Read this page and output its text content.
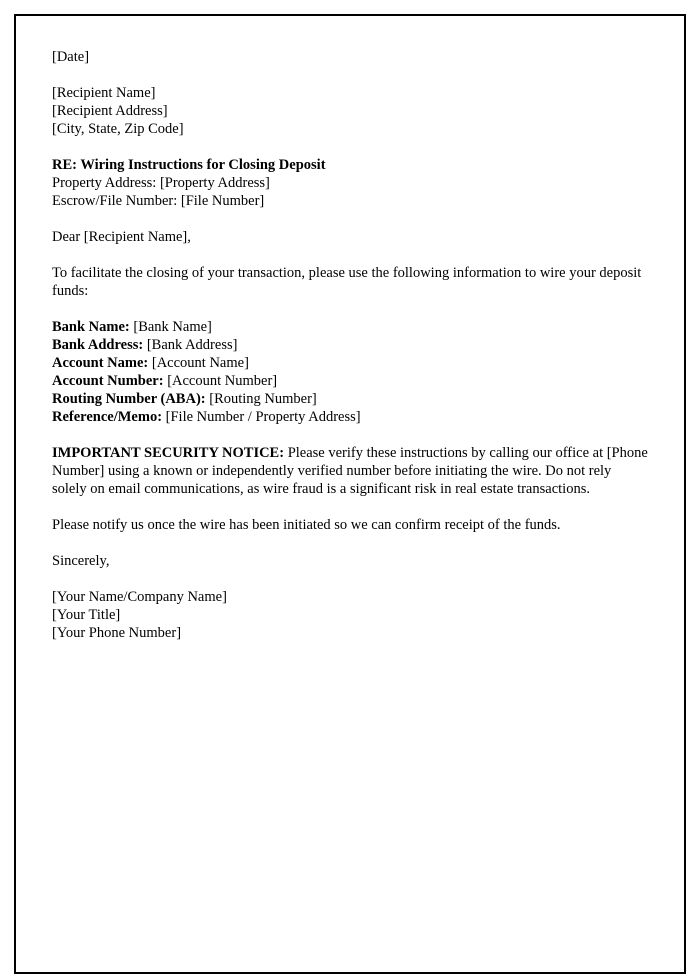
[Date]
[Recipient Name]
[Recipient Address]
[City, State, Zip Code]
RE: Wiring Instructions for Closing Deposit
Property Address: [Property Address]
Escrow/File Number: [File Number]

Dear [Recipient Name],

To facilitate the closing of your transaction, please use the following information to wire your deposit funds:

Bank Name: [Bank Name]
Bank Address: [Bank Address]
Account Name: [Account Name]
Account Number: [Account Number]
Routing Number (ABA): [Routing Number]
Reference/Memo: [File Number / Property Address]

IMPORTANT SECURITY NOTICE: Please verify these instructions by calling our office at [Phone Number] using a known or independently verified number before initiating the wire. Do not rely solely on email communications, as wire fraud is a significant risk in real estate transactions.

Please notify us once the wire has been initiated so we can confirm receipt of the funds.

Sincerely,

[Your Name/Company Name]
[Your Title]
[Your Phone Number]
